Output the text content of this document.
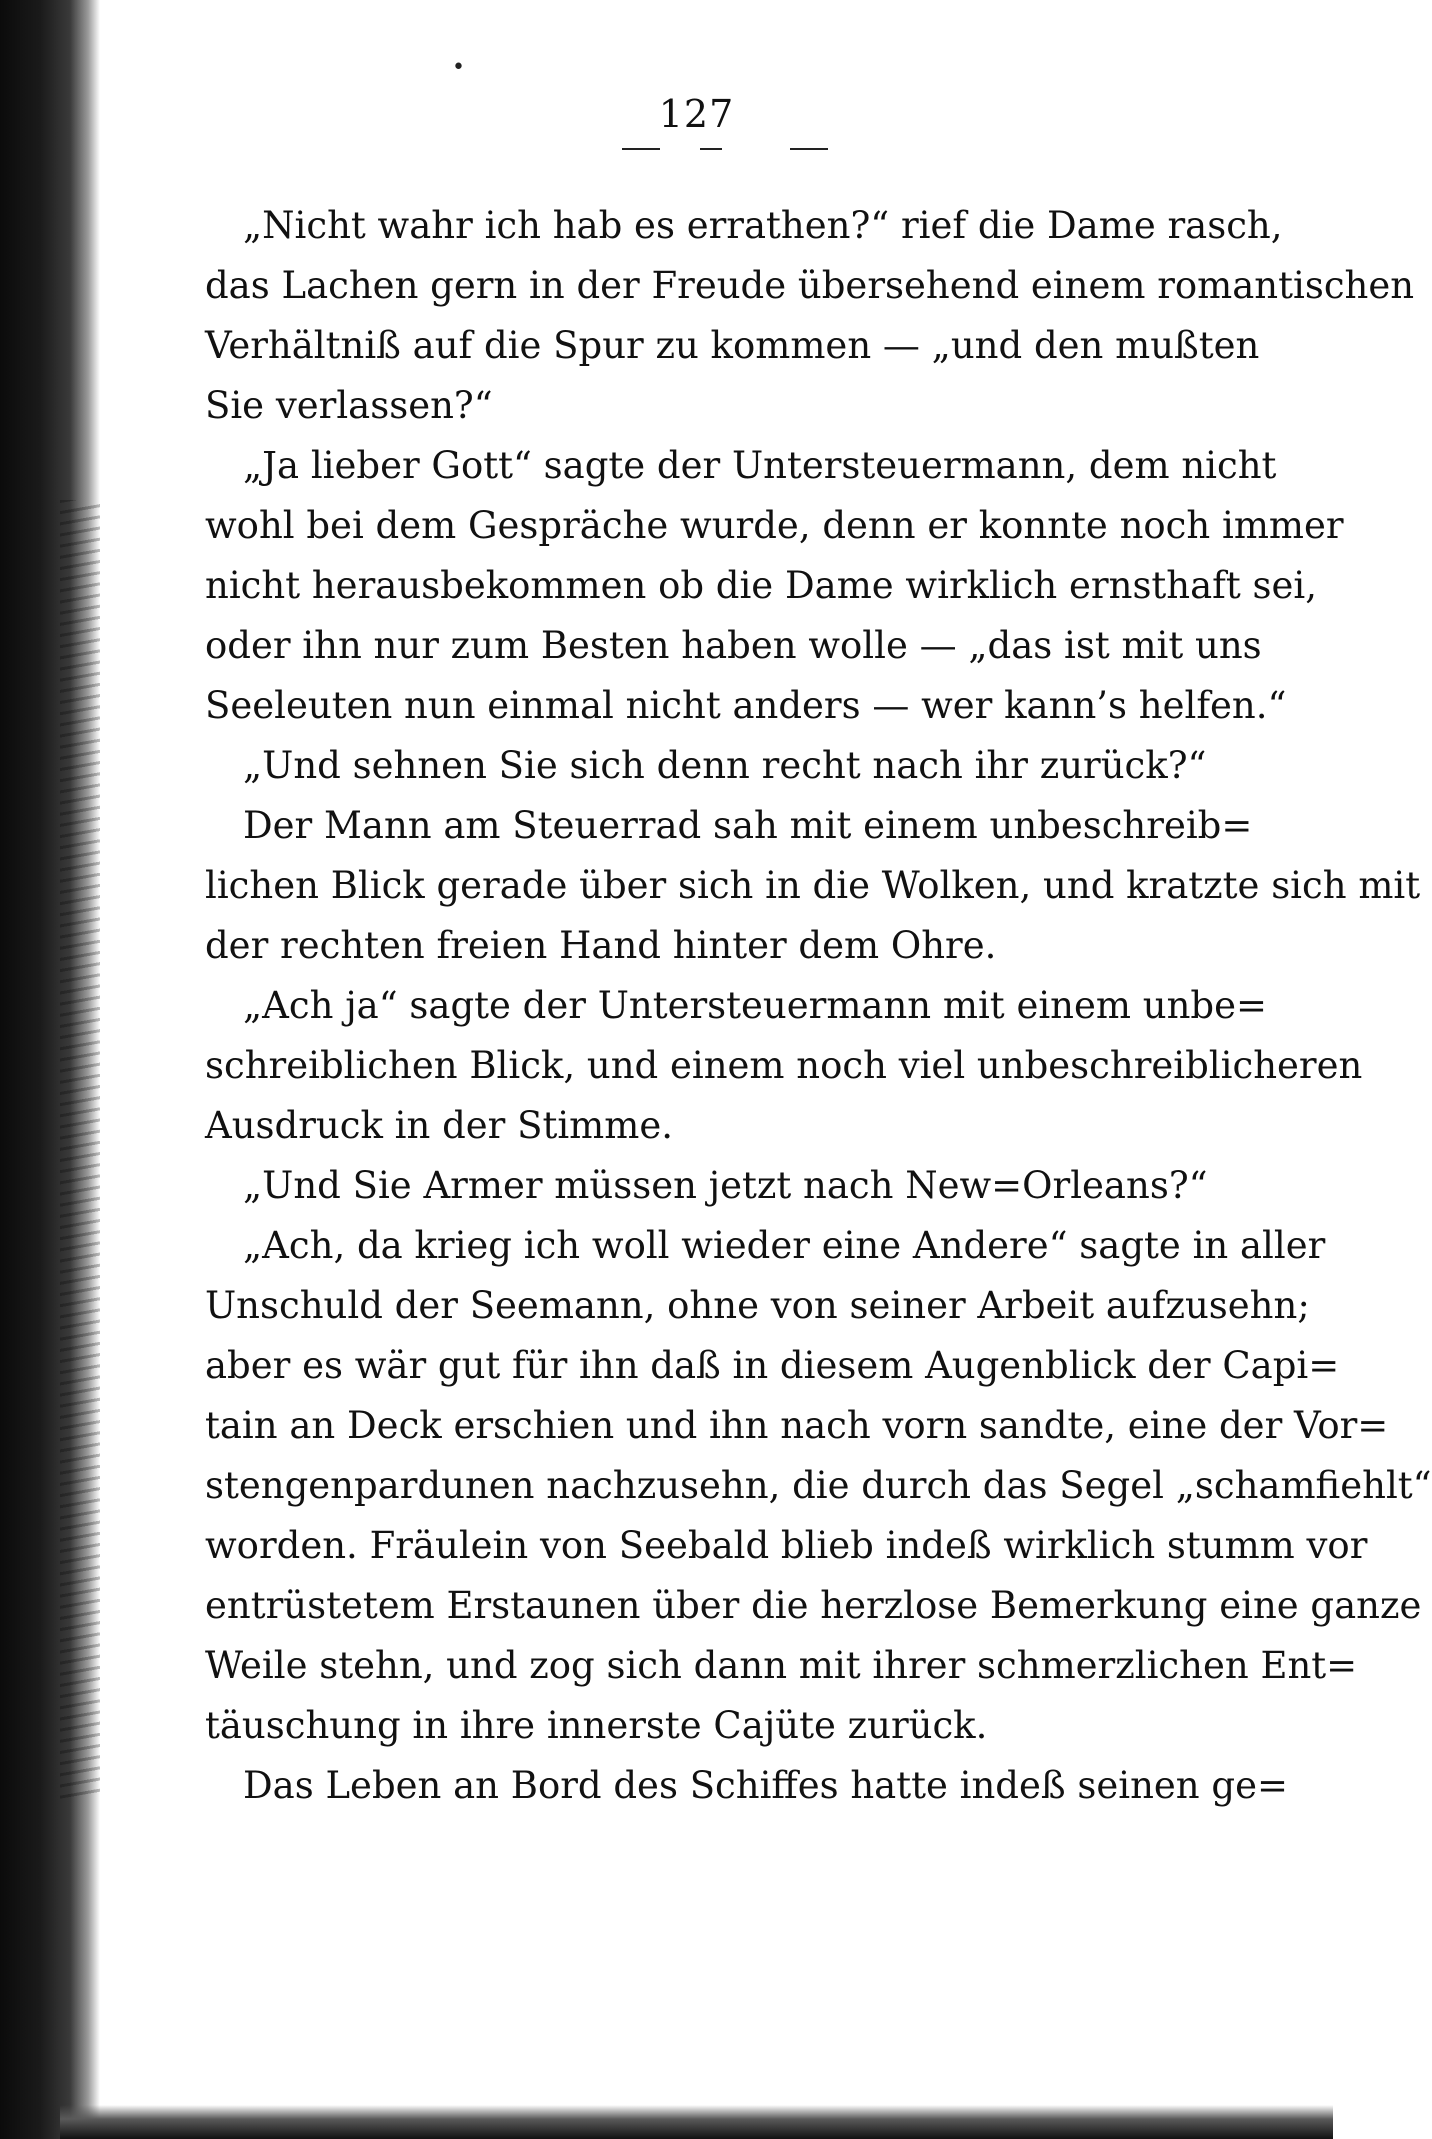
•
127
„Nicht wahr ich hab es errathen?“ rief die Dame rasch,
das Lachen gern in der Freude übersehend einem romantischen
Verhältniß auf die Spur zu kommen — „und den mußten
Sie verlassen?“
„Ja lieber Gott“ sagte der Untersteuermann, dem nicht
wohl bei dem Gespräche wurde, denn er konnte noch immer
nicht herausbekommen ob die Dame wirklich ernsthaft sei,
oder ihn nur zum Besten haben wolle — „das ist mit uns
Seeleuten nun einmal nicht anders — wer kann’s helfen.“
„Und sehnen Sie sich denn recht nach ihr zurück?“
Der Mann am Steuerrad sah mit einem unbeschreib=
lichen Blick gerade über sich in die Wolken, und kratzte sich mit
der rechten freien Hand hinter dem Ohre.
„Ach ja“ sagte der Untersteuermann mit einem unbe=
schreiblichen Blick, und einem noch viel unbeschreiblicheren
Ausdruck in der Stimme.
„Und Sie Armer müssen jetzt nach New=Orleans?“
„Ach, da krieg ich woll wieder eine Andere“ sagte in aller
Unschuld der Seemann, ohne von seiner Arbeit aufzusehn;
aber es wär gut für ihn daß in diesem Augenblick der Capi=
tain an Deck erschien und ihn nach vorn sandte, eine der Vor=
stengenpardunen nachzusehn, die durch das Segel „schamfiehlt“
worden. Fräulein von Seebald blieb indeß wirklich stumm vor
entrüstetem Erstaunen über die herzlose Bemerkung eine ganze
Weile stehn, und zog sich dann mit ihrer schmerzlichen Ent=
täuschung in ihre innerste Cajüte zurück.
Das Leben an Bord des Schiffes hatte indeß seinen ge=
